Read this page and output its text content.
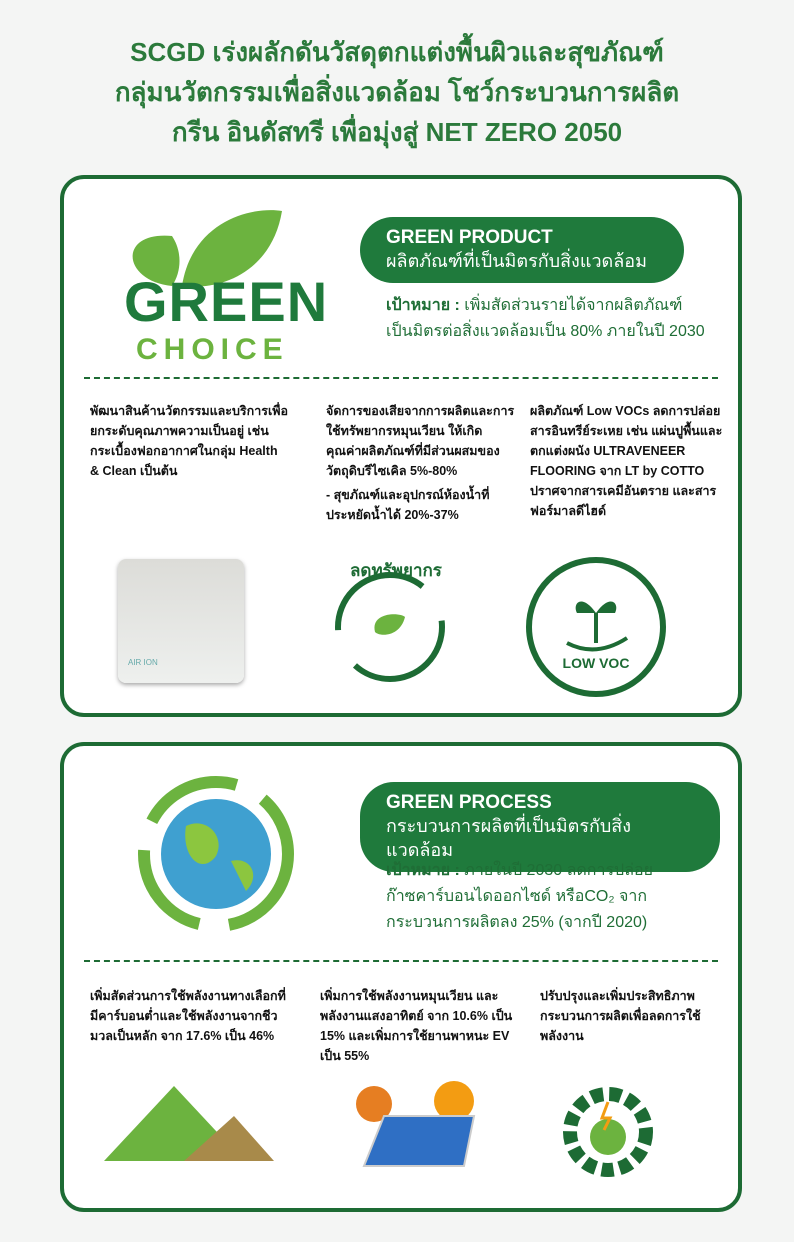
SCGD เร่งผลักดันวัสดุตกแต่งพื้นผิวและสุขภัณฑ์
กลุ่มนวัตกรรมเพื่อสิ่งแวดล้อม โชว์กระบวนการผลิต
กรีน อินดัสทรี เพื่อมุ่งสู่ NET ZERO 2050
GREEN
CHOICE
GREEN PRODUCT
ผลิตภัณฑ์ที่เป็นมิตรกับสิ่งแวดล้อม
เป้าหมาย : เพิ่มสัดส่วนรายได้จากผลิตภัณฑ์
เป็นมิตรต่อสิ่งแวดล้อมเป็น 80% ภายในปี 2030
พัฒนาสินค้านวัตกรรมและบริการเพื่อยกระดับคุณภาพความเป็นอยู่ เช่น กระเบื้องฟอกอากาศในกลุ่ม Health & Clean เป็นต้น
จัดการของเสียจากการผลิตและการใช้ทรัพยากรหมุนเวียน ให้เกิดคุณค่าผลิตภัณฑ์ที่มีส่วนผสมของวัตถุดิบรีไซเคิล 5%-80%
- สุขภัณฑ์และอุปกรณ์ห้องน้ำที่ประหยัดน้ำได้ 20%-37%
ผลิตภัณฑ์ Low VOCs ลดการปล่อยสารอินทรีย์ระเหย เช่น แผ่นปูพื้นและตกแต่งผนัง ULTRAVENEER FLOORING จาก LT by COTTO ปราศจากสารเคมีอันตราย และสารฟอร์มาลดีไฮด์
AIR ION
ลดทรัพยากร
LOW VOC
GREEN PROCESS
กระบวนการผลิตที่เป็นมิตรกับสิ่งแวดล้อม
เป้าหมาย : ภายในปี 2030 ลดการปล่อย
ก๊าซคาร์บอนไดออกไซด์ หรือCO₂ จาก
กระบวนการผลิตลง 25% (จากปี 2020)
เพิ่มสัดส่วนการใช้พลังงานทางเลือกที่มีคาร์บอนต่ำและใช้พลังงานจากชีวมวลเป็นหลัก จาก 17.6% เป็น 46%
เพิ่มการใช้พลังงานหมุนเวียน และพลังงานแสงอาทิตย์ จาก 10.6% เป็น 15% และเพิ่มการใช้ยานพาหนะ EV เป็น 55%
ปรับปรุงและเพิ่มประสิทธิภาพกระบวนการผลิตเพื่อลดการใช้พลังงาน
